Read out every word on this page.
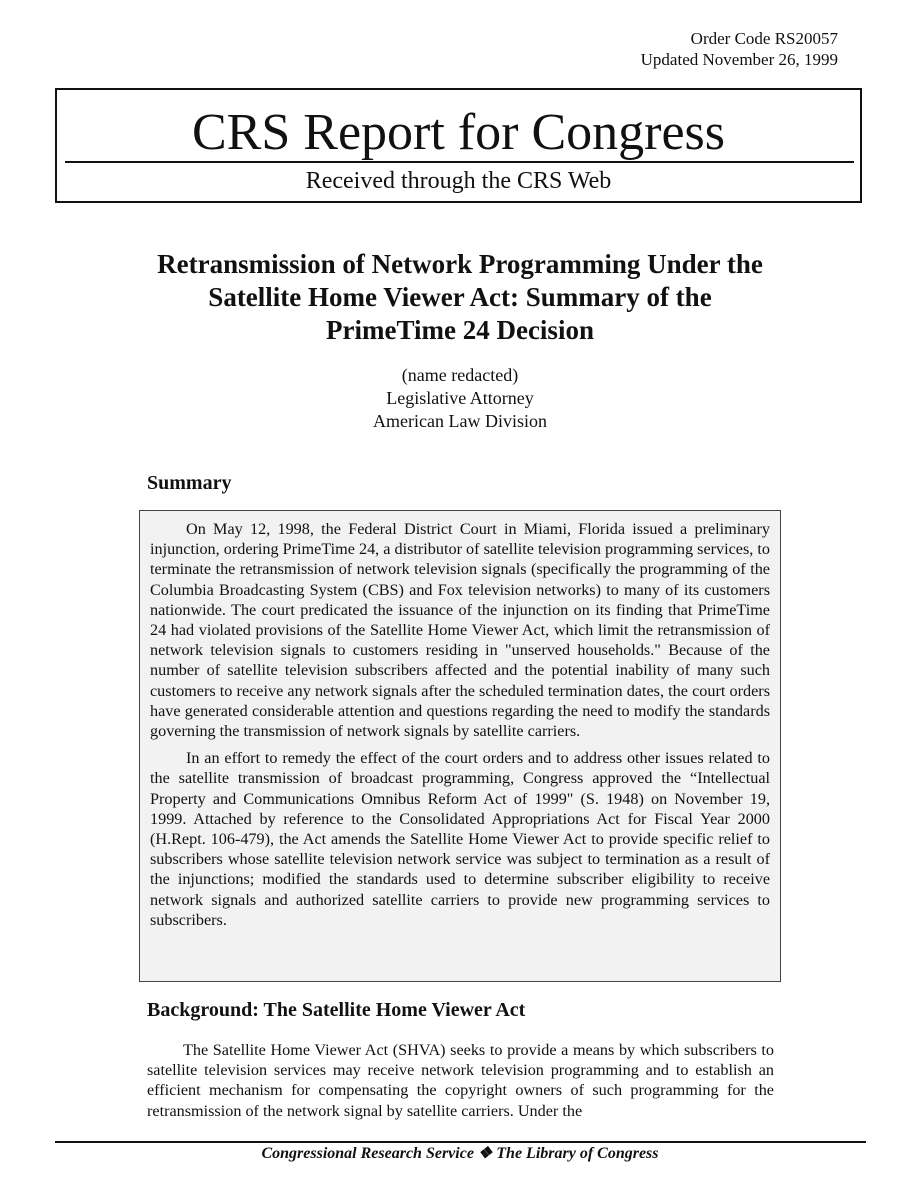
Order Code RS20057
Updated November 26, 1999
CRS Report for Congress
Received through the CRS Web
Retransmission of Network Programming Under the Satellite Home Viewer Act: Summary of the PrimeTime 24 Decision
(name redacted)
Legislative Attorney
American Law Division
Summary

On May 12, 1998, the Federal District Court in Miami, Florida issued a preliminary injunction, ordering PrimeTime 24, a distributor of satellite television programming services, to terminate the retransmission of network television signals (specifically the programming of the Columbia Broadcasting System (CBS) and Fox television networks) to many of its customers nationwide. The court predicated the issuance of the injunction on its finding that PrimeTime 24 had violated provisions of the Satellite Home Viewer Act, which limit the retransmission of network television signals to customers residing in "unserved households." Because of the number of satellite television subscribers affected and the potential inability of many such customers to receive any network signals after the scheduled termination dates, the court orders have generated considerable attention and questions regarding the need to modify the standards governing the transmission of network signals by satellite carriers.

In an effort to remedy the effect of the court orders and to address other issues related to the satellite transmission of broadcast programming, Congress approved the “Intellectual Property and Communications Omnibus Reform Act of 1999" (S. 1948) on November 19, 1999. Attached by reference to the Consolidated Appropriations Act for Fiscal Year 2000 (H.Rept. 106-479), the Act amends the Satellite Home Viewer Act to provide specific relief to subscribers whose satellite television network service was subject to termination as a result of the injunctions; modified the standards used to determine subscriber eligibility to receive network signals and authorized satellite carriers to provide new programming services to subscribers.

Background: The Satellite Home Viewer Act

The Satellite Home Viewer Act (SHVA) seeks to provide a means by which subscribers to satellite television services may receive network television programming and to establish an efficient mechanism for compensating the copyright owners of such programming for the retransmission of the network signal by satellite carriers. Under the

Congressional Research Service ❖ The Library of Congress
